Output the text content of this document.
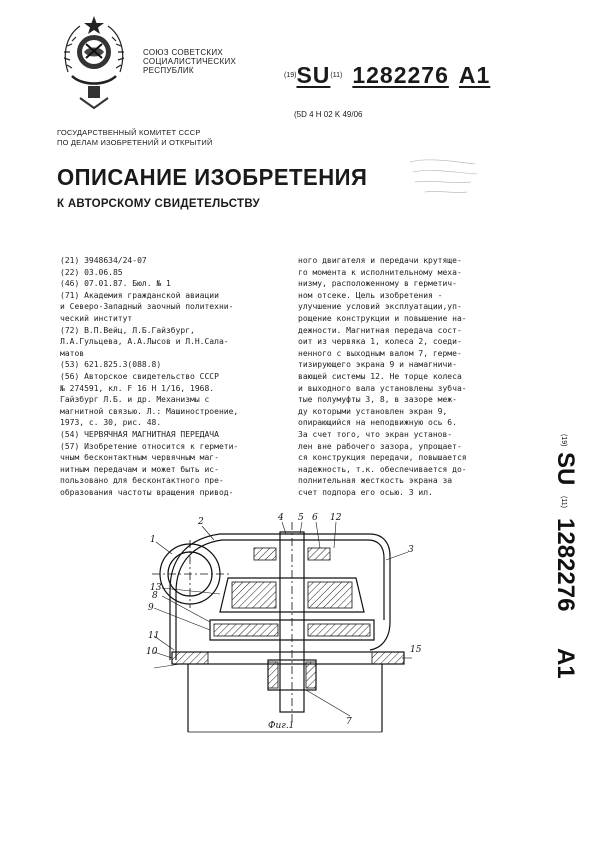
СОЮЗ СОВЕТСКИХ
СОЦИАЛИСТИЧЕСКИХ
РЕСПУБЛИК
(19)SU(11) 1282276 A1
(5D 4 H 02 K 49/06
ГОСУДАРСТВЕННЫЙ КОМИТЕТ СССР
ПО ДЕЛАМ ИЗОБРЕТЕНИЙ И ОТКРЫТИЙ
ОПИСАНИЕ ИЗОБРЕТЕНИЯ
К АВТОРСКОМУ СВИДЕТЕЛЬСТВУ
(21) 3948634/24-07
(22) 03.06.85
(46) 07.01.87. Бюл. № 1
(71) Академия гражданской авиации
и Северо-Западный заочный политехни-
ческий институт
(72) В.П.Вейц, Л.Б.Гайзбург,
Л.А.Гульцева, А.А.Лысов и Л.Н.Сала-
матов
(53) 621.825.3(088.8)
(56) Авторское свидетельство СССР
№ 274591, кл. F 16 H 1/16, 1968.
Гайзбург Л.Б. и др. Механизмы с
магнитной связью. Л.: Машиностроение,
1973, с. 30, рис. 48.
(54) ЧЕРВЯЧНАЯ МАГНИТНАЯ ПЕРЕДАЧА
(57) Изобретение относится к гермети-
чным бесконтактным червячным маг-
нитным передачам и может быть ис-
пользовано для бесконтактного пре-
образования частоты вращения привод-
ного двигателя и передачи крутяще-
го момента к исполнительному меха-
низму, расположенному в герметич-
ном отсеке. Цель изобретения -
улучшение условий эксплуатации,уп-
рощение конструкции и повышение на-
дежности. Магнитная передача сост-
оит из червяка 1, колеса 2, соеди-
ненного с выходным валом 7, герме-
тизирующего экрана 9 и намагничи-
вающей системы 12. Не торце колеса
и выходного вала установлены зубча-
тые полумуфты 3, 8, в зазоре меж-
ду которыми установлен экран 9,
опирающийся на неподвижную ось 6.
За счет того, что экран установ-
лен вне рабочего зазора, упрощает-
ся конструкция передачи, повышается
надежность, т.к. обеспечивается до-
полнительная жесткость экрана за
счет подпора его осью. 3 ил.
(19)
SU
(11)
1282276
A1
1
2	4 5 6 12
3
13
8
9
11
10	15
7
Фиг.1
